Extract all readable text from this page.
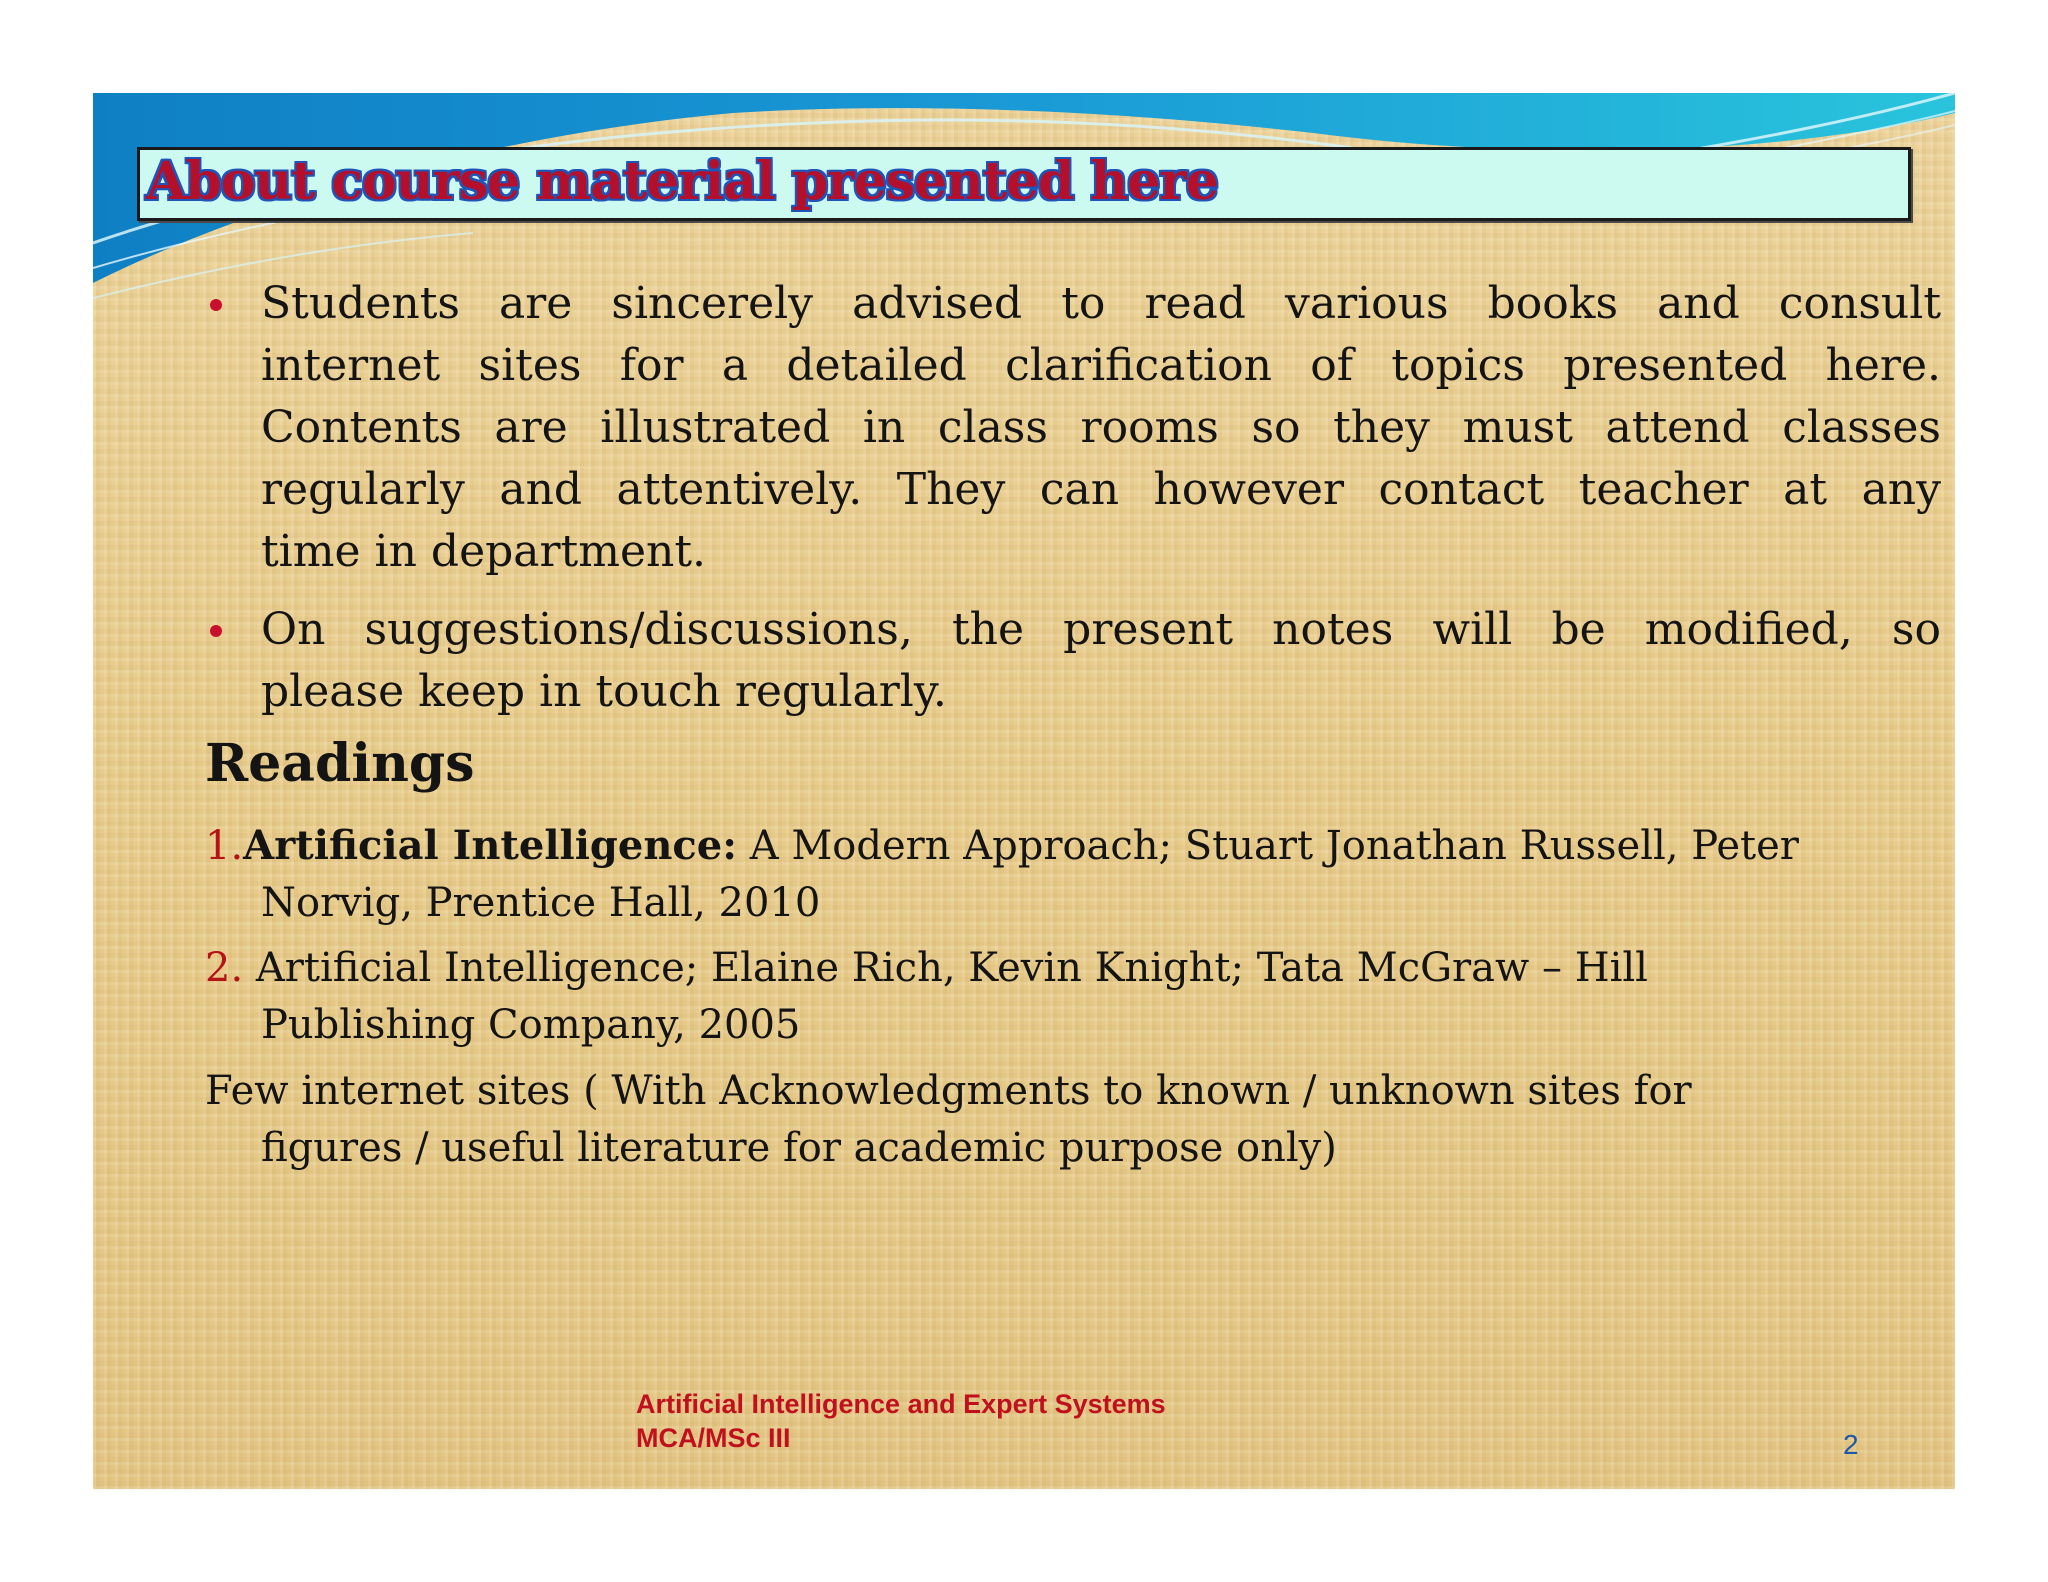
About course material presented here
Students are sincerely advised to read various books and consult
internet sites for a detailed clarification of topics presented here.
Contents are illustrated in class rooms so they must attend classes
regularly and attentively. They can however contact teacher at any
time in department.
On suggestions/discussions, the present notes will be modified, so
please keep in touch regularly.
Readings
1.Artificial Intelligence: A Modern Approach; Stuart Jonathan Russell, Peter
Norvig, Prentice Hall, 2010
2. Artificial Intelligence; Elaine Rich, Kevin Knight; Tata McGraw – Hill
Publishing Company, 2005
Few internet sites ( With Acknowledgments to known / unknown sites for
figures / useful literature for academic purpose only)
Artificial Intelligence and Expert Systems
MCA/MSc III	2
